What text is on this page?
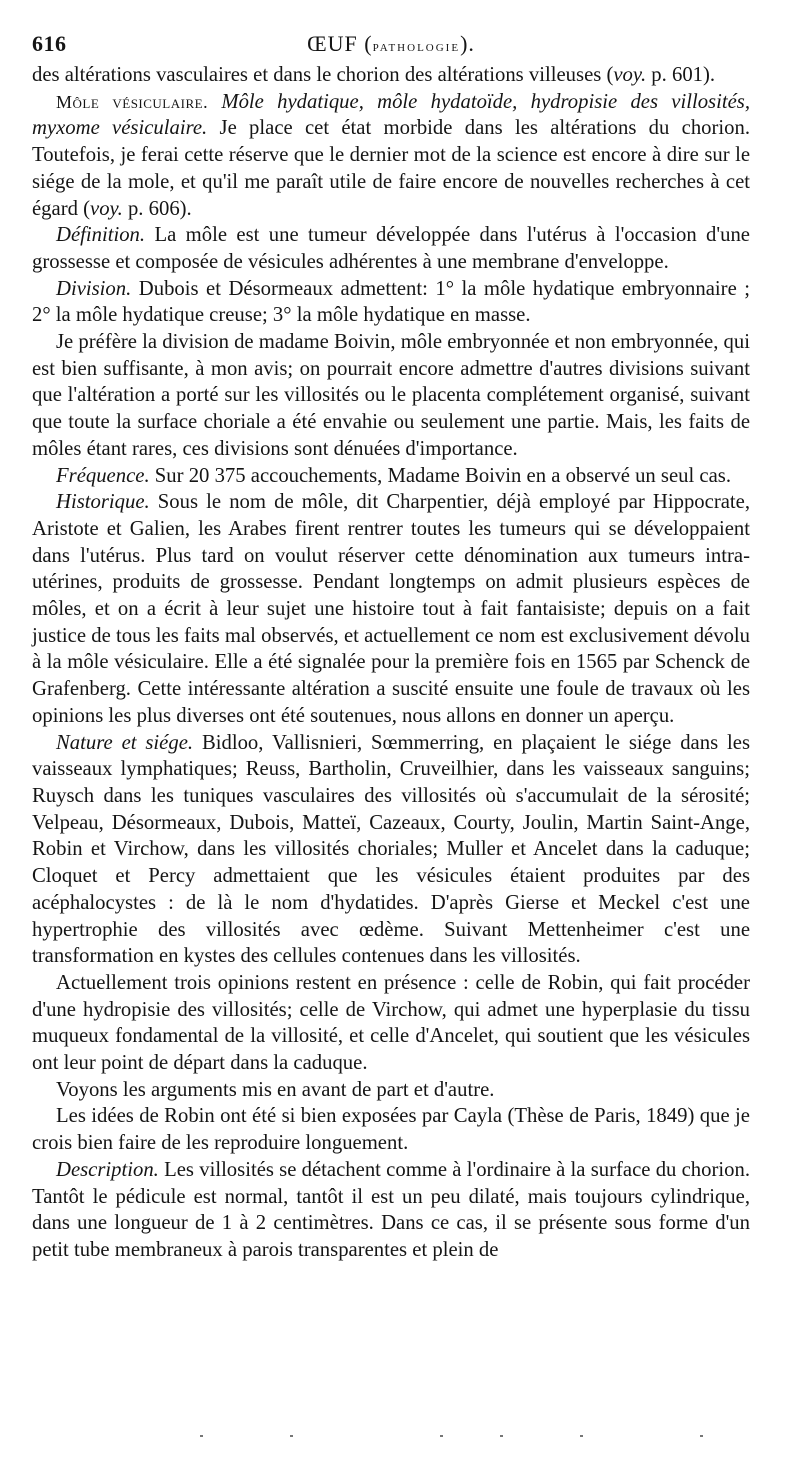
616	ŒUF (pathologie).

des altérations vasculaires et dans le chorion des altérations villeuses (voy. p. 601).

Môle vésiculaire. Môle hydatique, môle hydatoïde, hydropisie des villosités, myxome vésiculaire. Je place cet état morbide dans les altérations du chorion. Toutefois, je ferai cette réserve que le dernier mot de la science est encore à dire sur le siége de la mole, et qu'il me paraît utile de faire encore de nouvelles recherches à cet égard (voy. p. 606).

Définition. La môle est une tumeur développée dans l'utérus à l'occasion d'une grossesse et composée de vésicules adhérentes à une membrane d'enveloppe.

Division. Dubois et Désormeaux admettent: 1° la môle hydatique embryonnaire ; 2° la môle hydatique creuse; 3° la môle hydatique en masse.

Je préfère la division de madame Boivin, môle embryonnée et non embryonnée, qui est bien suffisante, à mon avis; on pourrait encore admettre d'autres divisions suivant que l'altération a porté sur les villosités ou le placenta complétement organisé, suivant que toute la surface choriale a été envahie ou seulement une partie. Mais, les faits de môles étant rares, ces divisions sont dénuées d'importance.

Fréquence. Sur 20 375 accouchements, Madame Boivin en a observé un seul cas.

Historique. Sous le nom de môle, dit Charpentier, déjà employé par Hippocrate, Aristote et Galien, les Arabes firent rentrer toutes les tumeurs qui se développaient dans l'utérus. Plus tard on voulut réserver cette dénomination aux tumeurs intra-utérines, produits de grossesse. Pendant longtemps on admit plusieurs espèces de môles, et on a écrit à leur sujet une histoire tout à fait fantaisiste; depuis on a fait justice de tous les faits mal observés, et actuellement ce nom est exclusivement dévolu à la môle vésiculaire. Elle a été signalée pour la première fois en 1565 par Schenck de Grafenberg. Cette intéressante altération a suscité ensuite une foule de travaux où les opinions les plus diverses ont été soutenues, nous allons en donner un aperçu.

Nature et siége. Bidloo, Vallisnieri, Sœmmerring, en plaçaient le siége dans les vaisseaux lymphatiques; Reuss, Bartholin, Cruveilhier, dans les vaisseaux sanguins; Ruysch dans les tuniques vasculaires des villosités où s'accumulait de la sérosité; Velpeau, Désormeaux, Dubois, Matteï, Cazeaux, Courty, Joulin, Martin Saint-Ange, Robin et Virchow, dans les villosités choriales; Muller et Ancelet dans la caduque; Cloquet et Percy admettaient que les vésicules étaient produites par des acéphalocystes : de là le nom d'hydatides. D'après Gierse et Meckel c'est une hypertrophie des villosités avec œdème. Suivant Mettenheimer c'est une transformation en kystes des cellules contenues dans les villosités.

Actuellement trois opinions restent en présence : celle de Robin, qui fait procéder d'une hydropisie des villosités; celle de Virchow, qui admet une hyperplasie du tissu muqueux fondamental de la villosité, et celle d'Ancelet, qui soutient que les vésicules ont leur point de départ dans la caduque.

Voyons les arguments mis en avant de part et d'autre.

Les idées de Robin ont été si bien exposées par Cayla (Thèse de Paris, 1849) que je crois bien faire de les reproduire longuement.

Description. Les villosités se détachent comme à l'ordinaire à la surface du chorion. Tantôt le pédicule est normal, tantôt il est un peu dilaté, mais toujours cylindrique, dans une longueur de 1 à 2 centimètres. Dans ce cas, il se présente sous forme d'un petit tube membraneux à parois transparentes et plein de
